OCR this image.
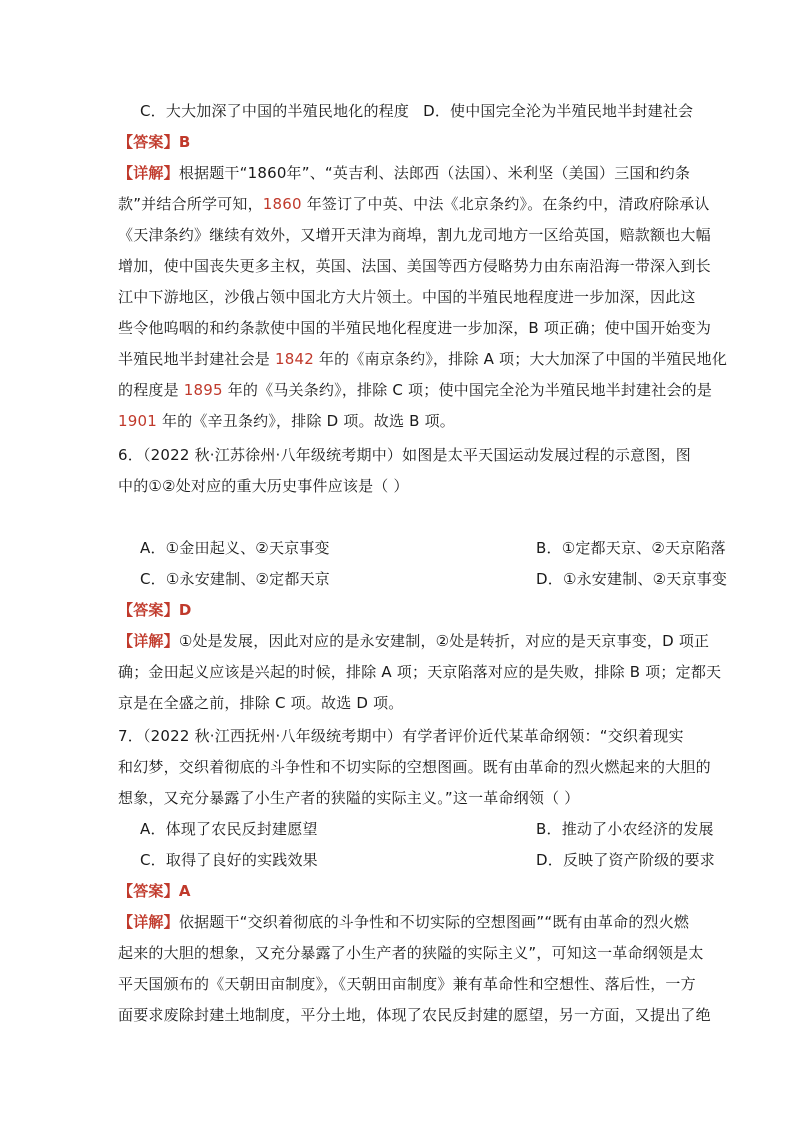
C．大大加深了中国的半殖民地化的程度 D．使中国完全沦为半殖民地半封建社会
【答案】B
【详解】根据题干“1860年”、“英吉利、法郎西（法国）、米利坚（美国）三国和约条
款”并结合所学可知，1860 年签订了中英、中法《北京条约》。在条约中，清政府除承认
《天津条约》继续有效外，又增开天津为商埠，割九龙司地方一区给英国，赔款额也大幅
增加，使中国丧失更多主权，英国、法国、美国等西方侵略势力由东南沿海一带深入到长
江中下游地区，沙俄占领中国北方大片领土。中国的半殖民地程度进一步加深，因此这
些令他呜咽的和约条款使中国的半殖民地化程度进一步加深，B 项正确；使中国开始变为
半殖民地半封建社会是 1842 年的《南京条约》，排除 A 项；大大加深了中国的半殖民地化
的程度是 1895 年的《马关条约》，排除 C 项；使中国完全沦为半殖民地半封建社会的是
1901 年的《辛丑条约》，排除 D 项。故选 B 项。
6．（2022 秋·江苏徐州·八年级统考期中）如图是太平天国运动发展过程的示意图，图
中的①②处对应的重大历史事件应该是（ ）
A．①金田起义、②天京事变	B．①定都天京、②天京陷落
C．①永安建制、②定都天京	D．①永安建制、②天京事变
【答案】D
【详解】①处是发展，因此对应的是永安建制，②处是转折，对应的是天京事变，D 项正
确；金田起义应该是兴起的时候，排除 A 项；天京陷落对应的是失败，排除 B 项；定都天
京是在全盛之前，排除 C 项。故选 D 项。
7．（2022 秋·江西抚州·八年级统考期中）有学者评价近代某革命纲领：“交织着现实
和幻梦，交织着彻底的斗争性和不切实际的空想图画。既有由革命的烈火燃起来的大胆的
想象，又充分暴露了小生产者的狭隘的实际主义。”这一革命纲领（ ）
A．体现了农民反封建愿望	B．推动了小农经济的发展
C．取得了良好的实践效果	D．反映了资产阶级的要求
【答案】A
【详解】依据题干“交织着彻底的斗争性和不切实际的空想图画”“既有由革命的烈火燃
起来的大胆的想象，又充分暴露了小生产者的狭隘的实际主义”，可知这一革命纲领是太
平天国颁布的《天朝田亩制度》，《天朝田亩制度》兼有革命性和空想性、落后性，一方
面要求废除封建土地制度，平分土地，体现了农民反封建的愿望，另一方面，又提出了绝
